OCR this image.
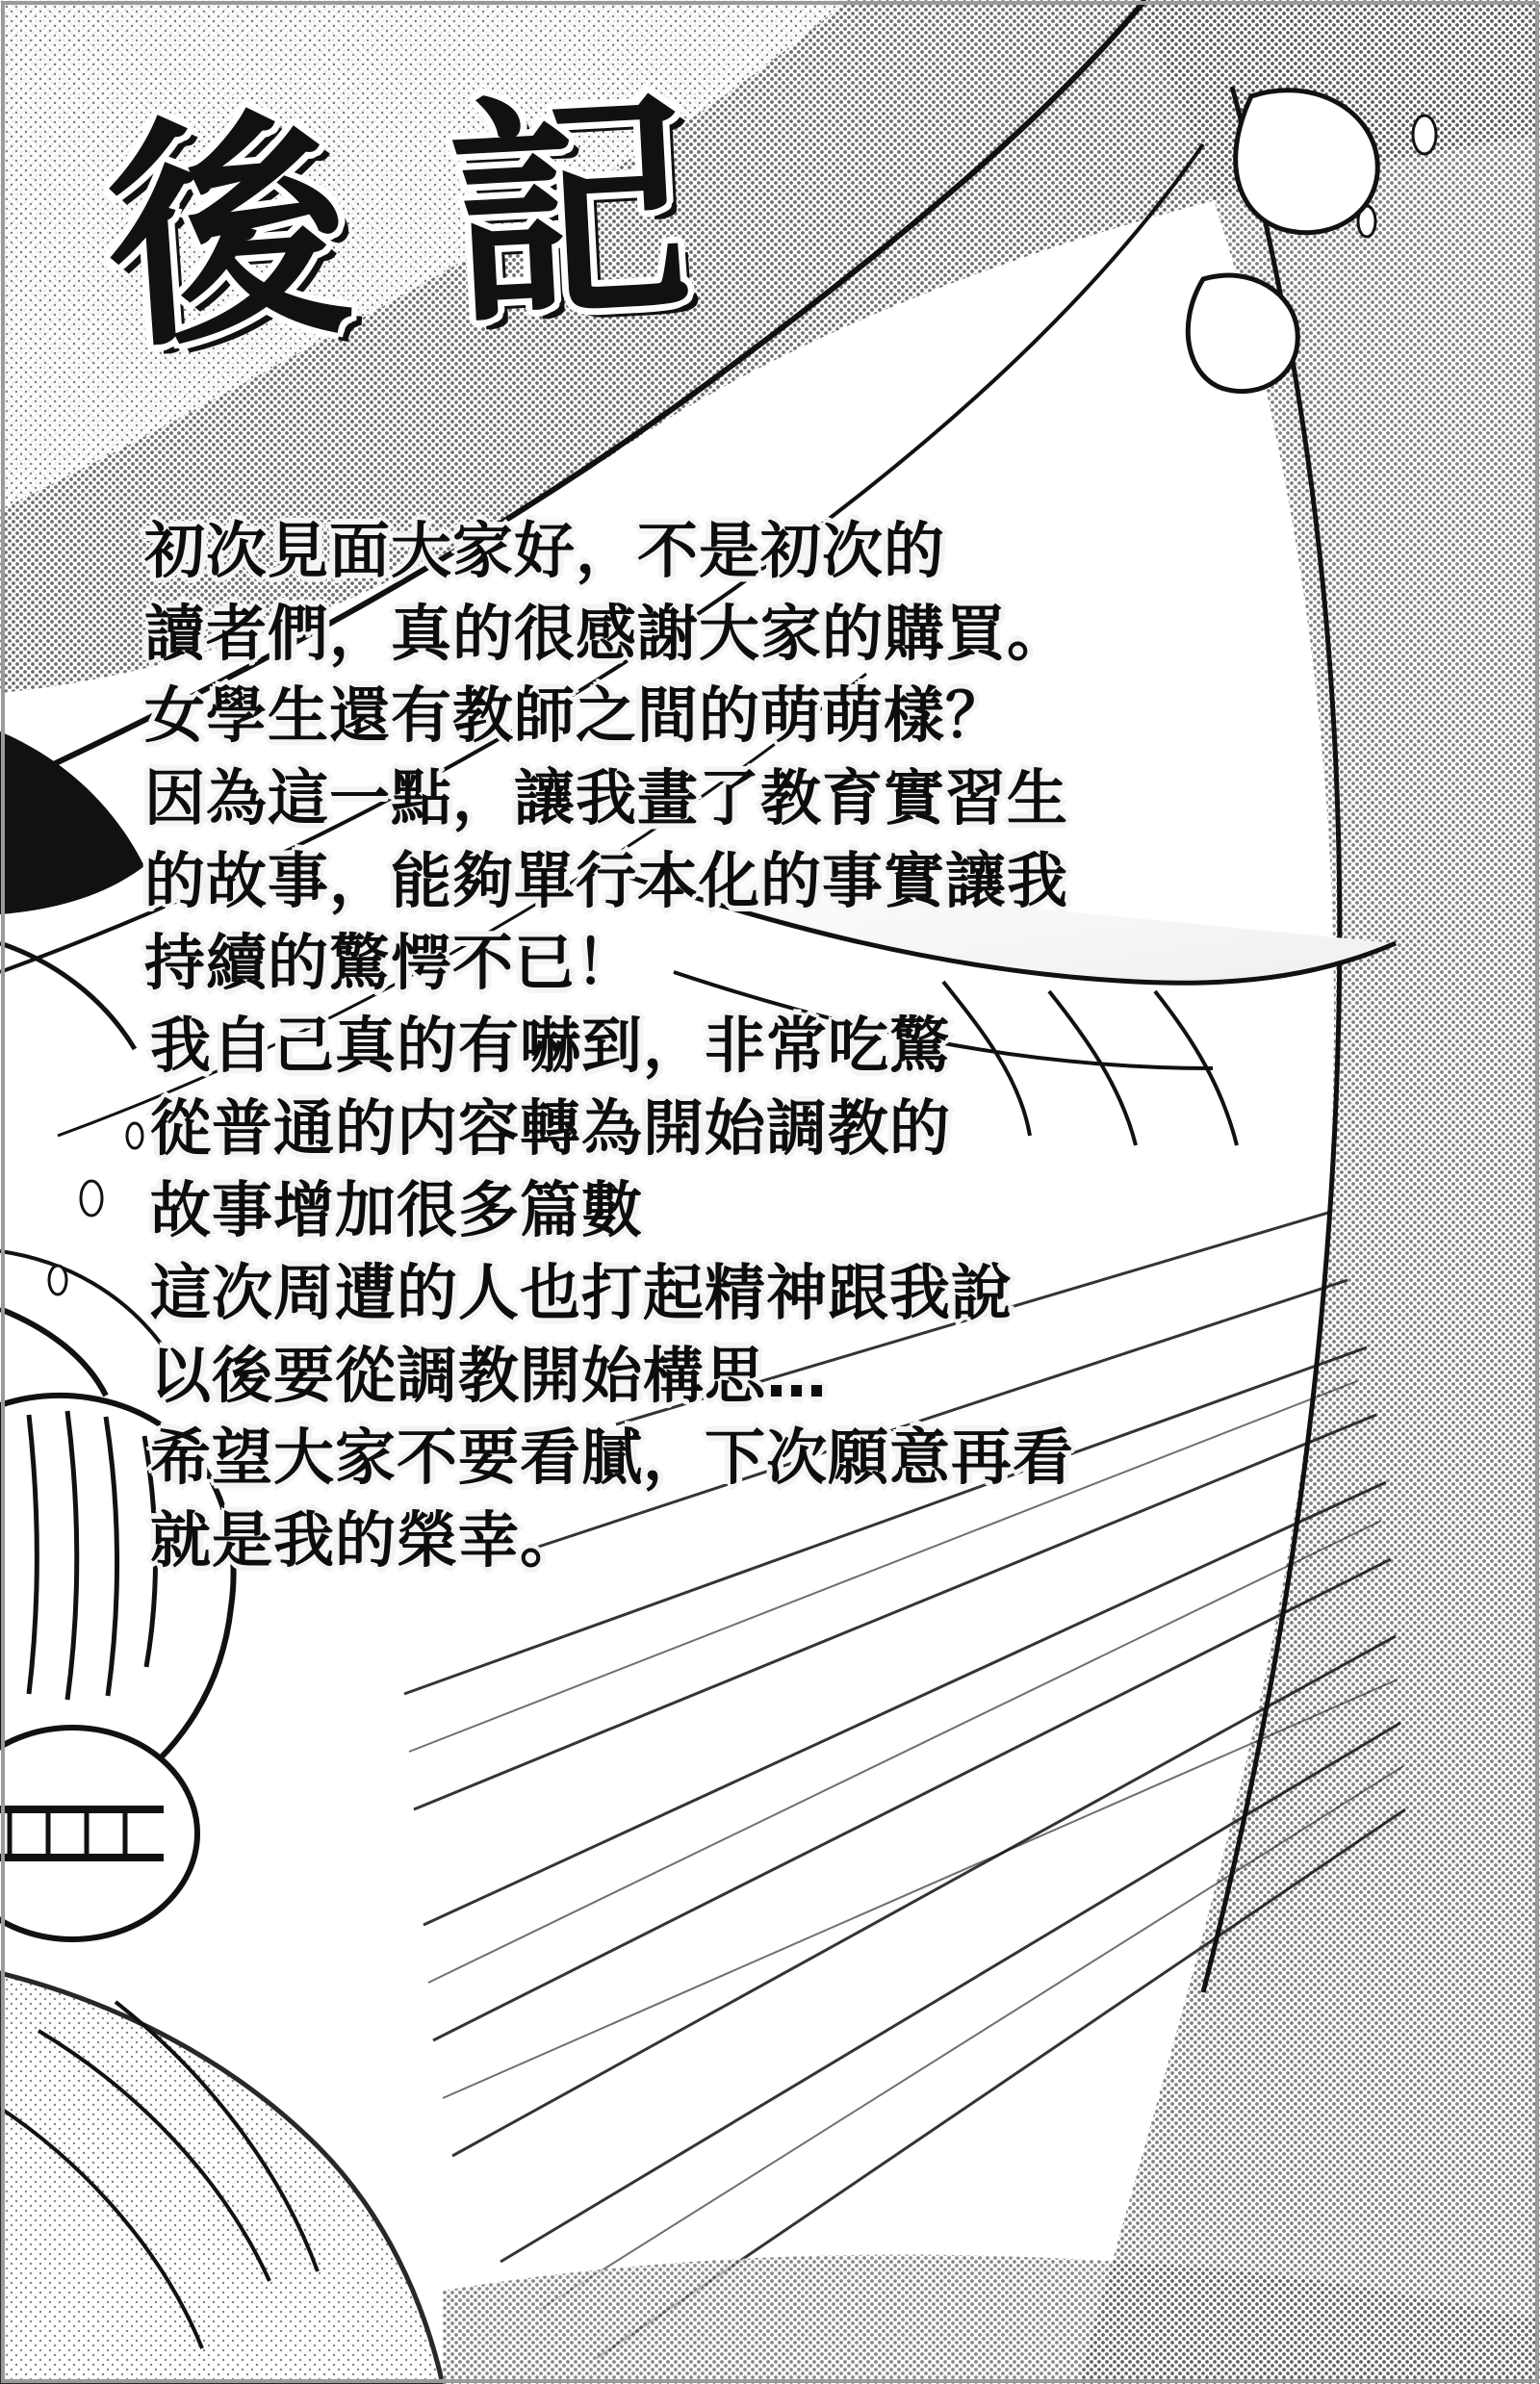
後 記
初次見面大家好，不是初次的
讀者們，真的很感謝大家的購買。
女學生還有教師之間的萌萌樣？
因為這一點，讓我畫了教育實習生
的故事，能夠單行本化的事實讓我
持續的驚愕不已！
我自己真的有嚇到，非常吃驚
從普通的内容轉為開始調教的
故事增加很多篇數
這次周遭的人也打起精神跟我說
以後要從調教開始構思…
希望大家不要看膩，下次願意再看
就是我的榮幸。
